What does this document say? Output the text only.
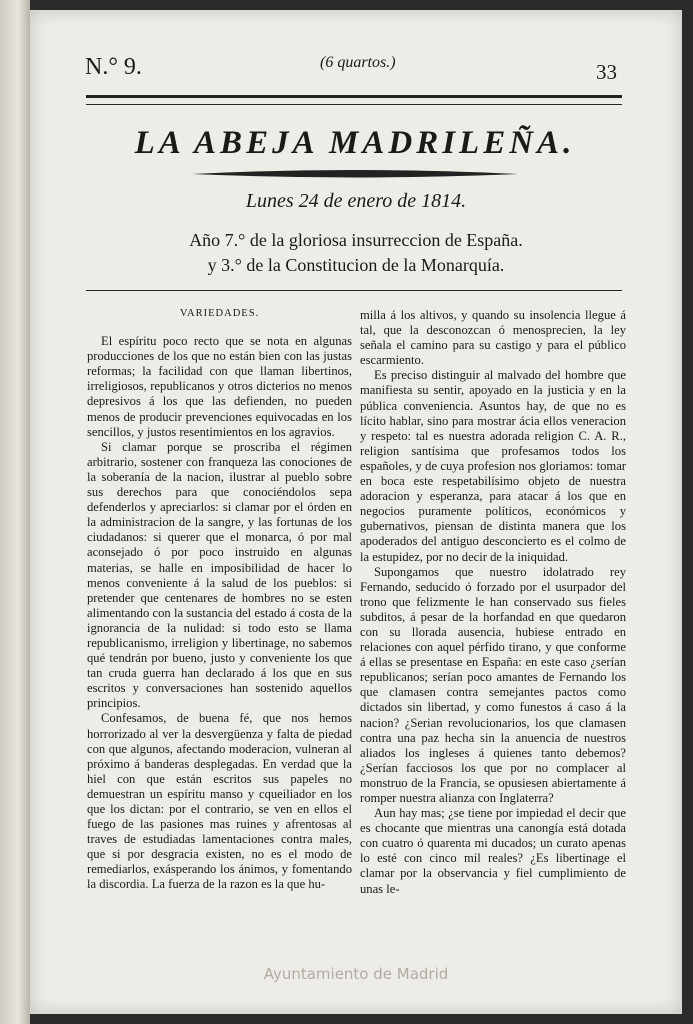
N.° 9.	(6 quartos.)	33
LA ABEJA MADRILEÑA.
Lunes 24 de enero de 1814.
Año 7.° de la gloriosa insurreccion de España.
y 3.° de la Constitucion de la Monarquía.

VARIEDADES.

El espíritu poco recto que se nota en algunas producciones de los que no están bien con las justas reformas; la facilidad con que llaman libertinos, irreligiosos, republicanos y otros dicterios no menos depresivos á los que las defienden, no pueden menos de producir prevenciones equivocadas en los sencillos, y justos resentimientos en los agravios.

Si clamar porque se proscriba el régimen arbitrario, sostener con franqueza las conociones de la soberanía de la nacion, ilustrar al pueblo sobre sus derechos para que conociéndolos sepa defenderlos y apreciarlos: si clamar por el órden en la administracion de la sangre, y las fortunas de los ciudadanos: si querer que el monarca, ó por mal aconsejado ó por poco instruido en algunas materias, se halle en imposibilidad de hacer lo menos conveniente á la salud de los pueblos: si pretender que centenares de hombres no se esten alimentando con la sustancia del estado á costa de la ignorancia de la nulidad: si todo esto se llama republicanismo, irreligion y libertinage, no sabemos qué tendrán por bueno, justo y conveniente los que tan cruda guerra han declarado á los que en sus escritos y conversaciones han sostenido aquellos principios.

Confesamos, de buena fé, que nos hemos horrorizado al ver la desvergüenza y falta de piedad con que algunos, afectando moderacion, vulneran al próximo á banderas desplegadas. En verdad que la hiel con que están escritos sus papeles no demuestran un espíritu manso y cqueiliador en los que los dictan: por el contrario, se ven en ellos el fuego de las pasiones mas ruines y afrentosas al traves de estudiadas lamentaciones contra males, que si por desgracia existen, no es el modo de remediarlos, exásperando los ánimos, y fomentando la discordia. La fuerza de la razon es la que hu-

milla á los altivos, y quando su insolencia llegue á tal, que la desconozcan ó menosprecien, la ley señala el camino para su castigo y para el público escarmiento.

Es preciso distinguir al malvado del hombre que manifiesta su sentir, apoyado en la justicia y en la pública conveniencia. Asuntos hay, de que no es lícito hablar, sino para mostrar ácia ellos veneracion y respeto: tal es nuestra adorada religion C. A. R., religion santísima que profesamos todos los españoles, y de cuya profesion nos gloriamos: tomar en boca este respetabilísimo objeto de nuestra adoracion y esperanza, para atacar á los que en negocios puramente políticos, económicos y gubernativos, piensan de distinta manera que los apoderados del antiguo desconcierto es el colmo de la estupidez, por no decir de la iniquidad.

Supongamos que nuestro idolatrado rey Fernando, seducido ó forzado por el usurpador del trono que felizmente le han conservado sus fieles subditos, á pesar de la horfandad en que quedaron con su llorada ausencia, hubiese entrado en relaciones con aquel pérfido tirano, y que conforme á ellas se presentase en España: en este caso ¿serían republicanos; serían poco amantes de Fernando los que clamasen contra semejantes pactos como dictados sin libertad, y como funestos á caso á la nacion? ¿Serian revolucionarios, los que clamasen contra una paz hecha sin la anuencia de nuestros aliados los ingleses á quienes tanto debemos? ¿Serían facciosos los que por no complacer al monstruo de la Francia, se opusiesen abiertamente á romper nuestra alianza con Inglaterra?

Aun hay mas; ¿se tiene por impiedad el decir que es chocante que mientras una canongía está dotada con cuatro ó quarenta mi ducados; un curato apenas lo esté con cinco mil reales? ¿Es libertinage el clamar por la observancia y fiel cumplimiento de unas le-

Ayuntamiento de Madrid
